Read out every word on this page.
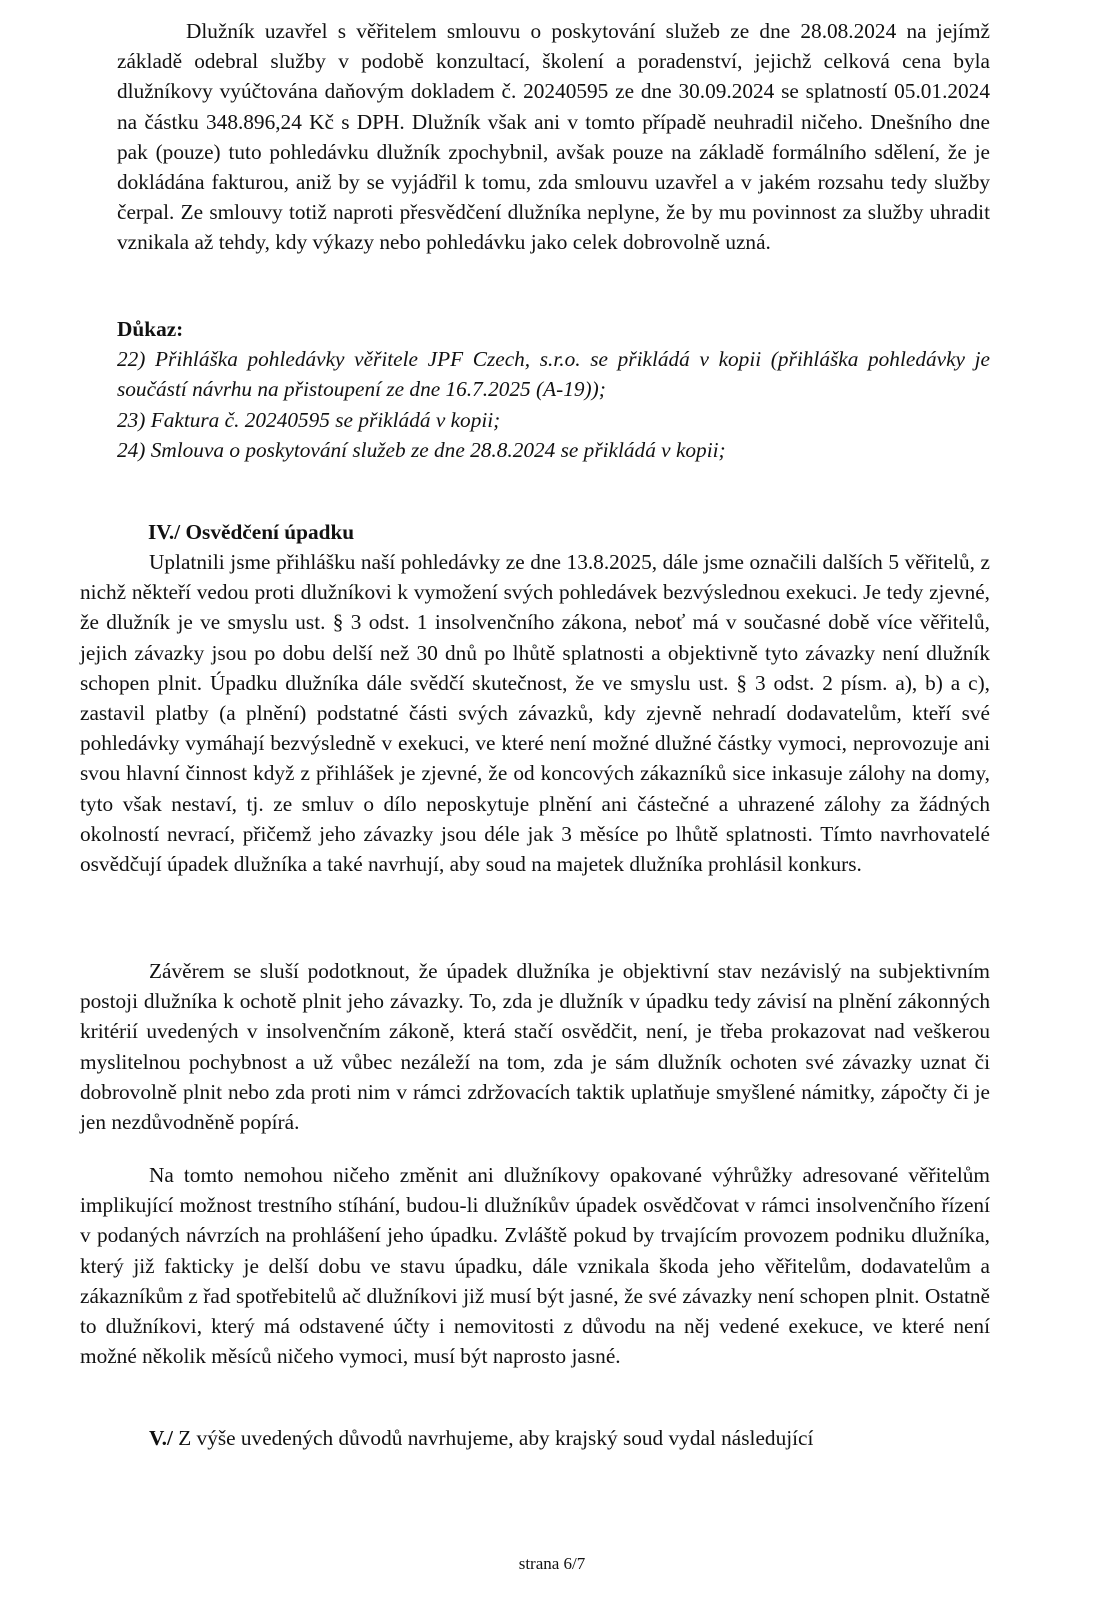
Dlužník uzavřel s věřitelem smlouvu o poskytování služeb ze dne 28.08.2024 na jejímž základě odebral služby v podobě konzultací, školení a poradenství, jejichž celková cena byla dlužníkovy vyúčtována daňovým dokladem č. 20240595 ze dne 30.09.2024 se splatností 05.01.2024 na částku 348.896,24 Kč s DPH. Dlužník však ani v tomto případě neuhradil ničeho. Dnešního dne pak (pouze) tuto pohledávku dlužník zpochybnil, avšak pouze na základě formálního sdělení, že je dokládána fakturou, aniž by se vyjádřil k tomu, zda smlouvu uzavřel a v jakém rozsahu tedy služby čerpal. Ze smlouvy totiž naproti přesvědčení dlužníka neplyne, že by mu povinnost za služby uhradit vznikala až tehdy, kdy výkazy nebo pohledávku jako celek dobrovolně uzná.

Důkaz:

22) Přihláška pohledávky věřitele JPF Czech, s.r.o. se přikládá v kopii (přihláška pohledávky je součástí návrhu na přistoupení ze dne 16.7.2025 (A-19));

23) Faktura č. 20240595 se přikládá v kopii;

24) Smlouva o poskytování služeb ze dne 28.8.2024 se přikládá v kopii;

IV./ Osvědčení úpadku

Uplatnili jsme přihlášku naší pohledávky ze dne 13.8.2025, dále jsme označili dalších 5 věřitelů, z nichž někteří vedou proti dlužníkovi k vymožení svých pohledávek bezvýslednou exekuci. Je tedy zjevné, že dlužník je ve smyslu ust. § 3 odst. 1 insolvenčního zákona, neboť má v současné době více věřitelů, jejich závazky jsou po dobu delší než 30 dnů po lhůtě splatnosti a objektivně tyto závazky není dlužník schopen plnit. Úpadku dlužníka dále svědčí skutečnost, že ve smyslu ust. § 3 odst. 2 písm. a), b) a c), zastavil platby (a plnění) podstatné části svých závazků, kdy zjevně nehradí dodavatelům, kteří své pohledávky vymáhají bezvýsledně v exekuci, ve které není možné dlužné částky vymoci, neprovozuje ani svou hlavní činnost když z přihlášek je zjevné, že od koncových zákazníků sice inkasuje zálohy na domy, tyto však nestaví, tj. ze smluv o dílo neposkytuje plnění ani částečné a uhrazené zálohy za žádných okolností nevrací, přičemž jeho závazky jsou déle jak 3 měsíce po lhůtě splatnosti. Tímto navrhovatelé osvědčují úpadek dlužníka a také navrhují, aby soud na majetek dlužníka prohlásil konkurs.

Závěrem se sluší podotknout, že úpadek dlužníka je objektivní stav nezávislý na subjektivním postoji dlužníka k ochotě plnit jeho závazky. To, zda je dlužník v úpadku tedy závisí na plnění zákonných kritérií uvedených v insolvenčním zákoně, která stačí osvědčit, není, je třeba prokazovat nad veškerou myslitelnou pochybnost a už vůbec nezáleží na tom, zda je sám dlužník ochoten své závazky uznat či dobrovolně plnit nebo zda proti nim v rámci zdržovacích taktik uplatňuje smyšlené námitky, zápočty či je jen nezdůvodněně popírá.

Na tomto nemohou ničeho změnit ani dlužníkovy opakované výhrůžky adresované věřitelům implikující možnost trestního stíhání, budou-li dlužníkův úpadek osvědčovat v rámci insolvenčního řízení v podaných návrzích na prohlášení jeho úpadku. Zvláště pokud by trvajícím provozem podniku dlužníka, který již fakticky je delší dobu ve stavu úpadku, dále vznikala škoda jeho věřitelům, dodavatelům a zákazníkům z řad spotřebitelů ač dlužníkovi již musí být jasné, že své závazky není schopen plnit. Ostatně to dlužníkovi, který má odstavené účty i nemovitosti z důvodu na něj vedené exekuce, ve které není možné několik měsíců ničeho vymoci, musí být naprosto jasné.

V./ Z výše uvedených důvodů navrhujeme, aby krajský soud vydal následující

strana 6/7
